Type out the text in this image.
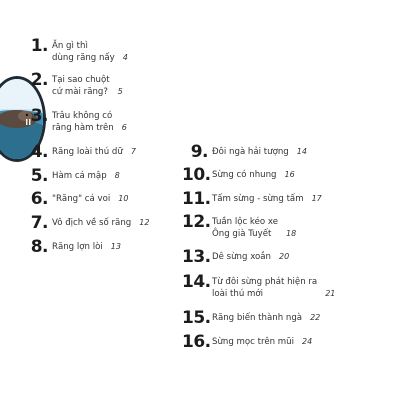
1. Ăn gì thì
dùng răng nấy 4
2. Tại sao chuột
cứ mài răng? 5
3. Trâu không có
răng hàm trên 6
4. Răng loài thú dữ 7
5. Hàm cá mập 8
6. "Răng" cá voi 10
7. Vô địch về số răng 12
8. Răng lợn lòi 13
9. Đôi ngà hải tượng 14
10. Sừng có nhung 16
11. Tấm sừng - sừng tấm 17
12. Tuần lộc kéo xe
Ông già Tuyết	18
13. Dê sừng xoắn 20
14. Từ đôi sừng phát hiện ra
loài thú mới	21
15. Răng biến thành ngà 22
16. Sừng mọc trên mũi 24
